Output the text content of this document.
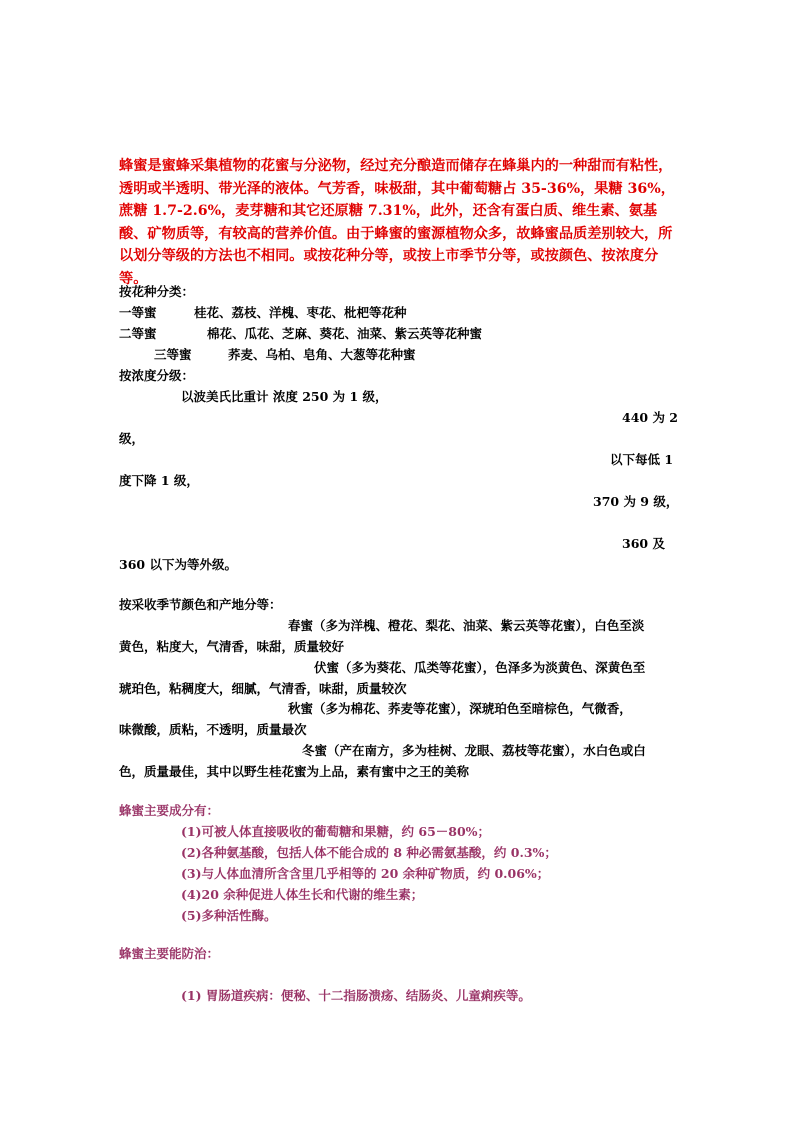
蜂蜜是蜜蜂采集植物的花蜜与分泌物，经过充分酿造而储存在蜂巢内的一种甜而有粘性，透明或半透明、带光泽的液体。气芳香，味极甜，其中葡萄糖占 35-36%，果糖 36%，蔗糖 1.7-2.6%，麦芽糖和其它还原糖 7.31%，此外，还含有蛋白质、维生素、氨基酸、矿物质等，有较高的营养价值。由于蜂蜜的蜜源植物众多，故蜂蜜品质差别较大，所以划分等级的方法也不相同。或按花种分等，或按上市季节分等，或按颜色、按浓度分等。
按花种分类：
一等蜜	桂花、荔枝、洋槐、枣花、枇杷等花种
二等蜜	棉花、瓜花、芝麻、葵花、油菜、紫云英等花种蜜
三等蜜	荞麦、乌柏、皂角、大葱等花种蜜
按浓度分级：
以波美氏比重计 浓度 250 为 1 级，
440 为 2
级，
以下每低 1
度下降 1 级，
370 为 9 级，
360 及
360 以下为等外级。
按采收季节颜色和产地分等：
春蜜（多为洋槐、橙花、梨花、油菜、紫云英等花蜜），白色至淡
黄色，粘度大，气清香，味甜，质量较好
伏蜜（多为葵花、瓜类等花蜜），色泽多为淡黄色、深黄色至
琥珀色，粘稠度大，细腻，气清香，味甜，质量较次
秋蜜（多为棉花、荞麦等花蜜），深琥珀色至暗棕色，气微香，
味微酸，质粘，不透明，质量最次
冬蜜（产在南方，多为桂树、龙眼、荔枝等花蜜），水白色或白
色，质量最佳，其中以野生桂花蜜为上品，素有蜜中之王的美称
蜂蜜主要成分有：
(1)可被人体直接吸收的葡萄糖和果糖，约 65－80%；
(2)各种氨基酸，包括人体不能合成的 8 种必需氨基酸，约 0.3%；
(3)与人体血清所含含里几乎相等的 20 余种矿物质，约 0.06%；
(4)20 余种促进人体生长和代谢的维生素；
(5)多种活性酶。
蜂蜜主要能防治：
(1) 胃肠道疾病：便秘、十二指肠溃疡、结肠炎、儿童痢疾等。
